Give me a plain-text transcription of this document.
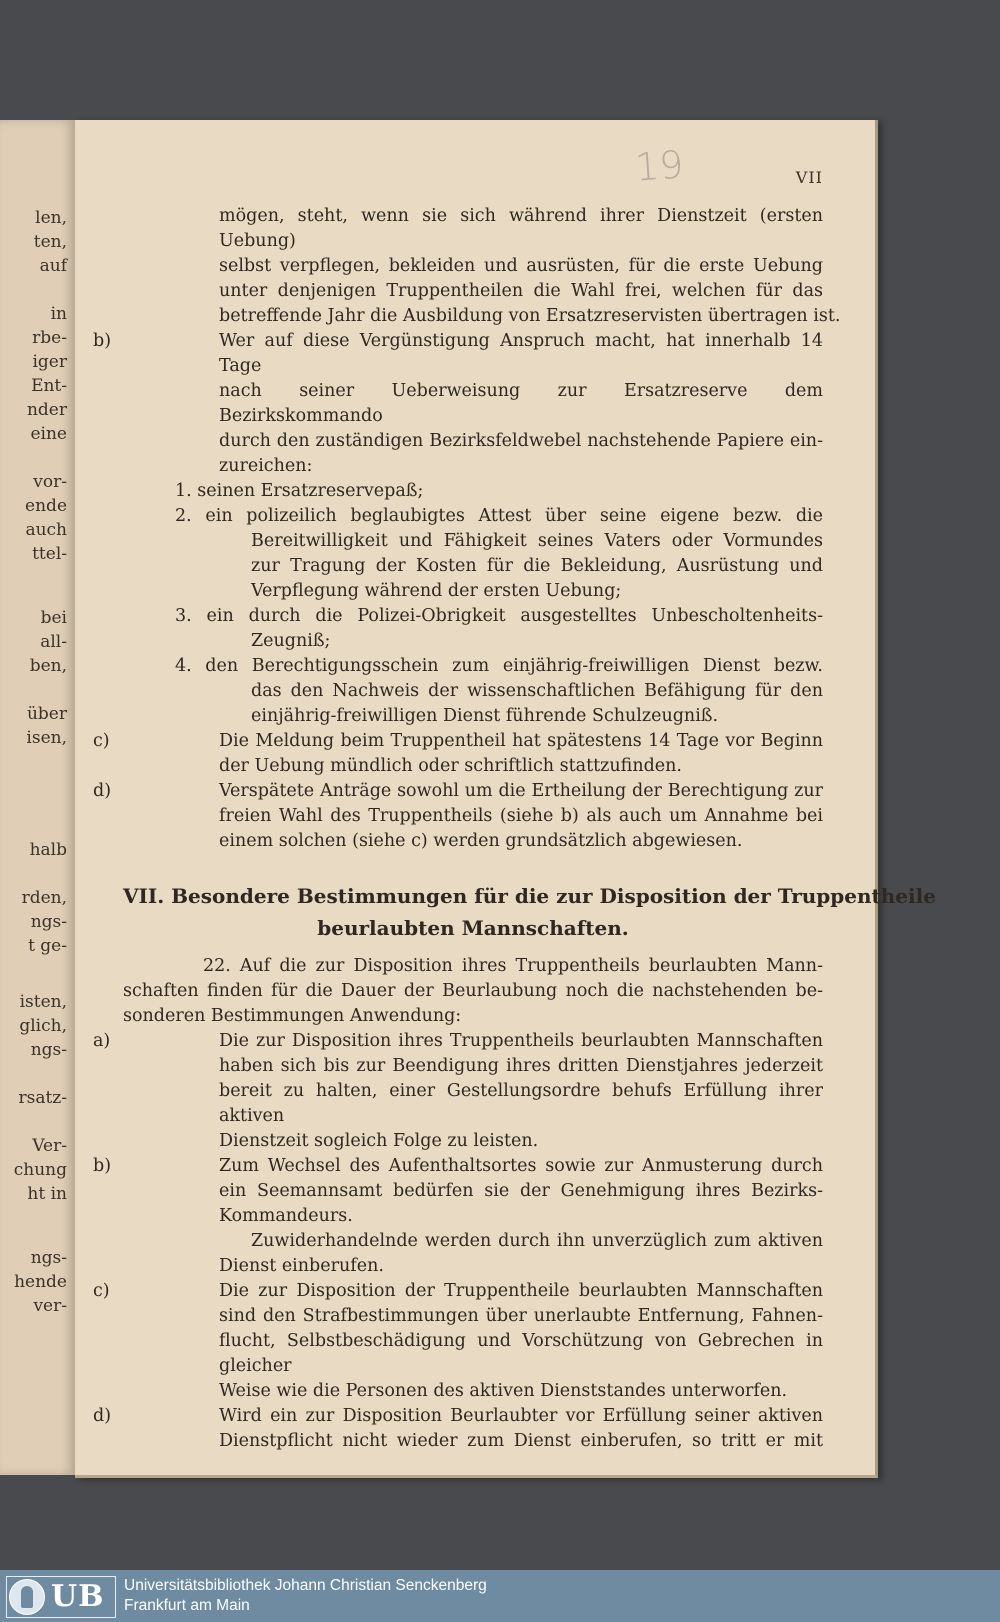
len,
ten,
auf
in
rbe-
iger
Ent-
nder
eine
vor-
ende
auch
ttel-
bei
all-
ben,
über
isen,
halb
rden,
ngs-
t ge-
isten,
glich,
ngs-
rsatz-
Ver-
chung
ht in
ngs-
hende
ver-
19	VII
mögen, steht, wenn sie sich während ihrer Dienstzeit (ersten Uebung)
selbst verpflegen, bekleiden und ausrüsten, für die erste Uebung
unter denjenigen Truppentheilen die Wahl frei, welchen für das
betreffende Jahr die Ausbildung von Ersatzreservisten übertragen ist.
b)	Wer auf diese Vergünstigung Anspruch macht, hat innerhalb 14 Tage
nach seiner Ueberweisung zur Ersatzreserve dem Bezirkskommando
durch den zuständigen Bezirksfeldwebel nachstehende Papiere ein-
zureichen:
1. seinen Ersatzreservepaß;
2. ein polizeilich beglaubigtes Attest über seine eigene bezw. die
Bereitwilligkeit und Fähigkeit seines Vaters oder Vormundes
zur Tragung der Kosten für die Bekleidung, Ausrüstung und
Verpflegung während der ersten Uebung;
3. ein durch die Polizei-Obrigkeit ausgestelltes Unbescholtenheits-
Zeugniß;
4. den Berechtigungsschein zum einjährig-freiwilligen Dienst bezw.
das den Nachweis der wissenschaftlichen Befähigung für den
einjährig-freiwilligen Dienst führende Schulzeugniß.
c)	Die Meldung beim Truppentheil hat spätestens 14 Tage vor Beginn
der Uebung mündlich oder schriftlich stattzufinden.
d)	Verspätete Anträge sowohl um die Ertheilung der Berechtigung zur
freien Wahl des Truppentheils (siehe b) als auch um Annahme bei
einem solchen (siehe c) werden grundsätzlich abgewiesen.
VII. Besondere Bestimmungen für die zur Disposition der Truppentheile
beurlaubten Mannschaften.
22. Auf die zur Disposition ihres Truppentheils beurlaubten Mann-
schaften finden für die Dauer der Beurlaubung noch die nachstehenden be-
sonderen Bestimmungen Anwendung:
a)	Die zur Disposition ihres Truppentheils beurlaubten Mannschaften
haben sich bis zur Beendigung ihres dritten Dienstjahres jederzeit
bereit zu halten, einer Gestellungsordre behufs Erfüllung ihrer aktiven
Dienstzeit sogleich Folge zu leisten.
b)	Zum Wechsel des Aufenthaltsortes sowie zur Anmusterung durch
ein Seemannsamt bedürfen sie der Genehmigung ihres Bezirks-
Kommandeurs.
Zuwiderhandelnde werden durch ihn unverzüglich zum aktiven
Dienst einberufen.
c)	Die zur Disposition der Truppentheile beurlaubten Mannschaften
sind den Strafbestimmungen über unerlaubte Entfernung, Fahnen-
flucht, Selbstbeschädigung und Vorschützung von Gebrechen in gleicher
Weise wie die Personen des aktiven Dienststandes unterworfen.
d)	Wird ein zur Disposition Beurlaubter vor Erfüllung seiner aktiven
Dienstpflicht nicht wieder zum Dienst einberufen, so tritt er mit
UB Universitätsbibliothek Johann Christian Senckenberg
Frankfurt am Main
